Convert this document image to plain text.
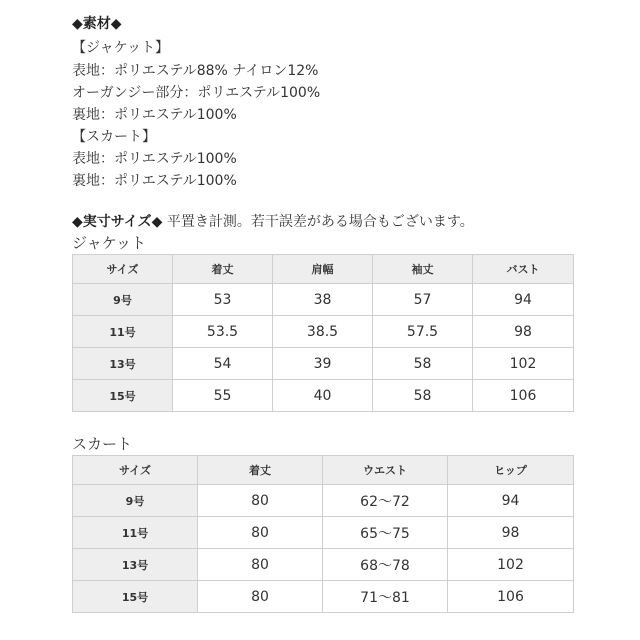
◆素材◆
【ジャケット】
表地：ポリエステル88% ナイロン12%
オーガンジー部分：ポリエステル100%
裏地：ポリエステル100%
【スカート】
表地：ポリエステル100%
裏地：ポリエステル100%
◆実寸サイズ◆ 平置き計測。若干誤差がある場合もございます。
ジャケット
サイズ	着丈	肩幅	袖丈	バスト
9号	53	38	57	94
11号	53.5	38.5	57.5	98
13号	54	39	58	102
15号	55	40	58	106
スカート
サイズ	着丈	ウエスト	ヒップ
9号	80	62～72	94
11号	80	65～75	98
13号	80	68～78	102
15号	80	71～81	106
